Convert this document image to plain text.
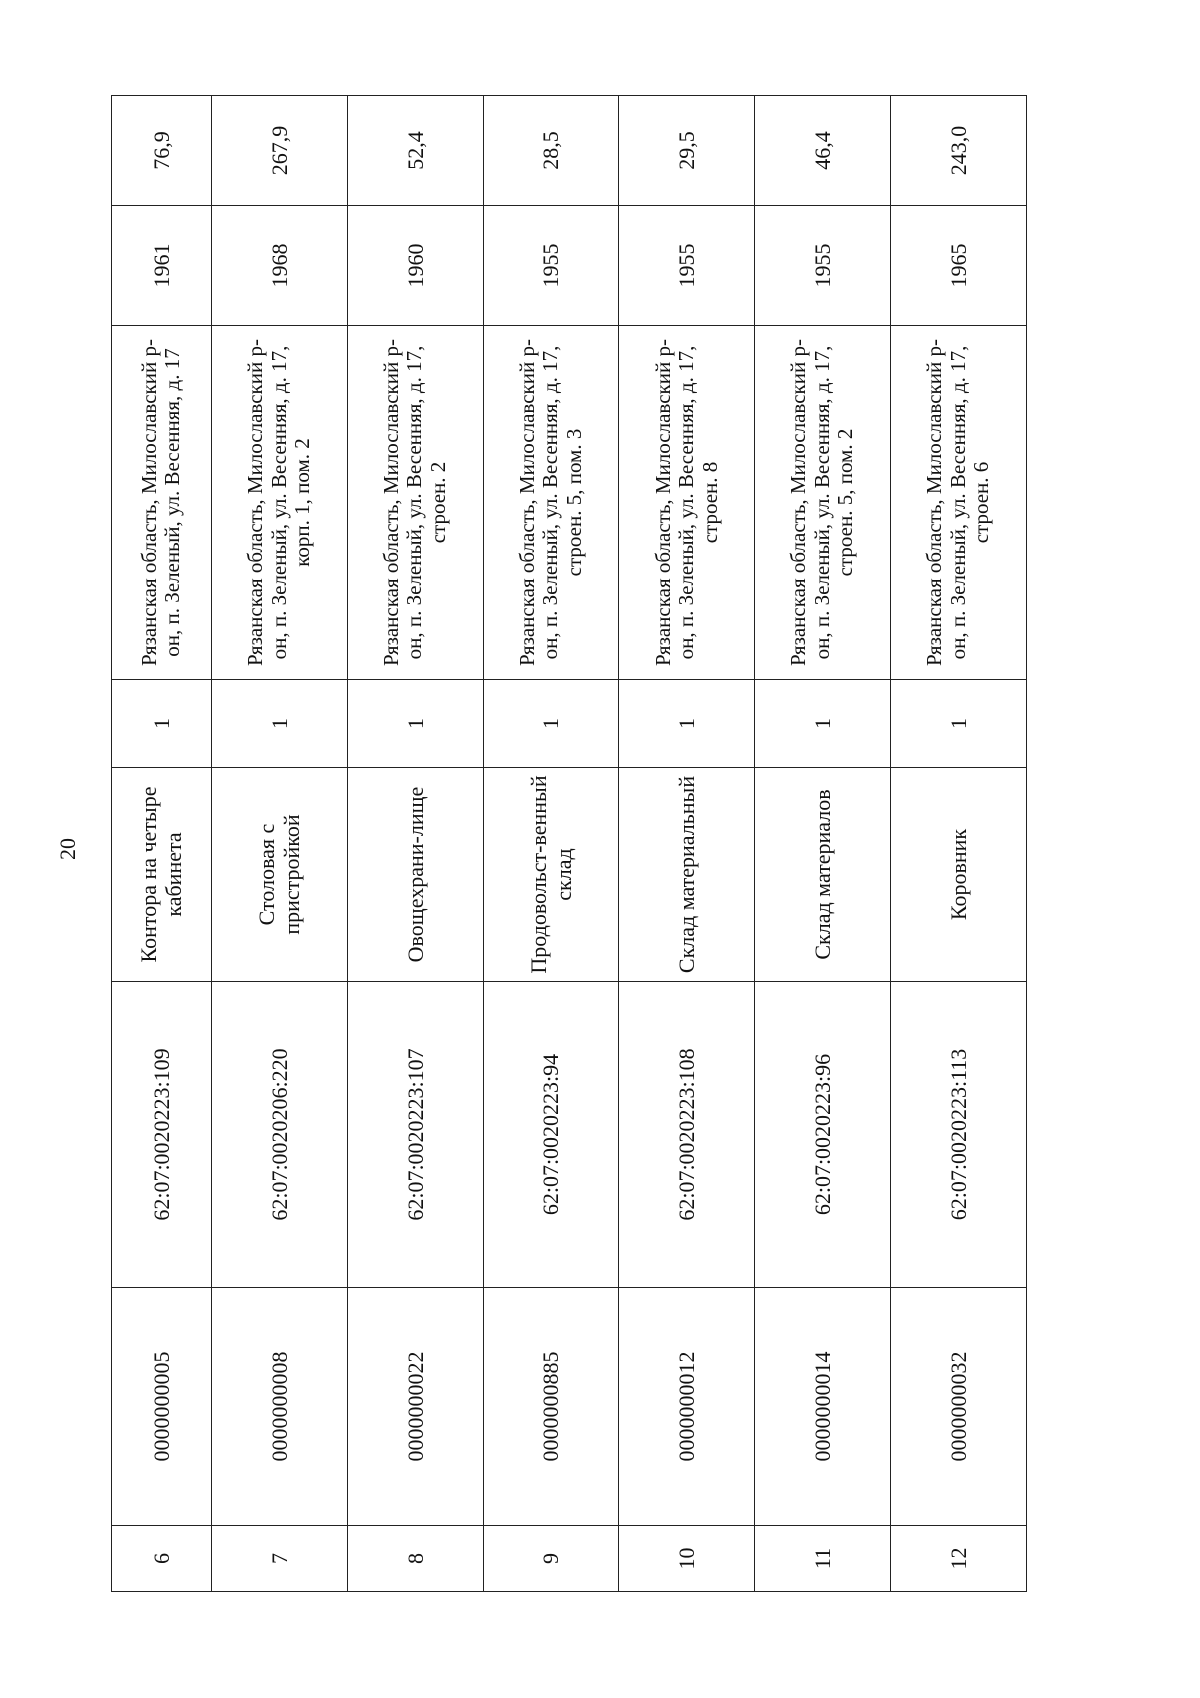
20
6	0000000005	62:07:0020223:109	Контора на четыре кабинета	1	Рязанская область, Милославский р-он, п. Зеленый, ул. Весенняя, д. 17	1961	76,9
7	0000000008	62:07:0020206:220	Столовая с пристройкой	1	Рязанская область, Милославский р-он, п. Зеленый, ул. Весенняя, д. 17, корп. 1, пом. 2	1968	267,9
8	0000000022	62:07:0020223:107	Овощехрани-лище	1	Рязанская область, Милославский р-он, п. Зеленый, ул. Весенняя, д. 17, строен. 2	1960	52,4
9	0000000885	62:07:0020223:94	Продовольст-венный склад	1	Рязанская область, Милославский р-он, п. Зеленый, ул. Весенняя, д. 17, строен. 5, пом. 3	1955	28,5
10	0000000012	62:07:0020223:108	Склад материальный	1	Рязанская область, Милославский р-он, п. Зеленый, ул. Весенняя, д. 17, строен. 8	1955	29,5
11	0000000014	62:07:0020223:96	Склад материалов	1	Рязанская область, Милославский р-он, п. Зеленый, ул. Весенняя, д. 17, строен. 5, пом. 2	1955	46,4
12	0000000032	62:07:0020223:113	Коровник	1	Рязанская область, Милославский р-он, п. Зеленый, ул. Весенняя, д. 17, строен. 6	1965	243,0
